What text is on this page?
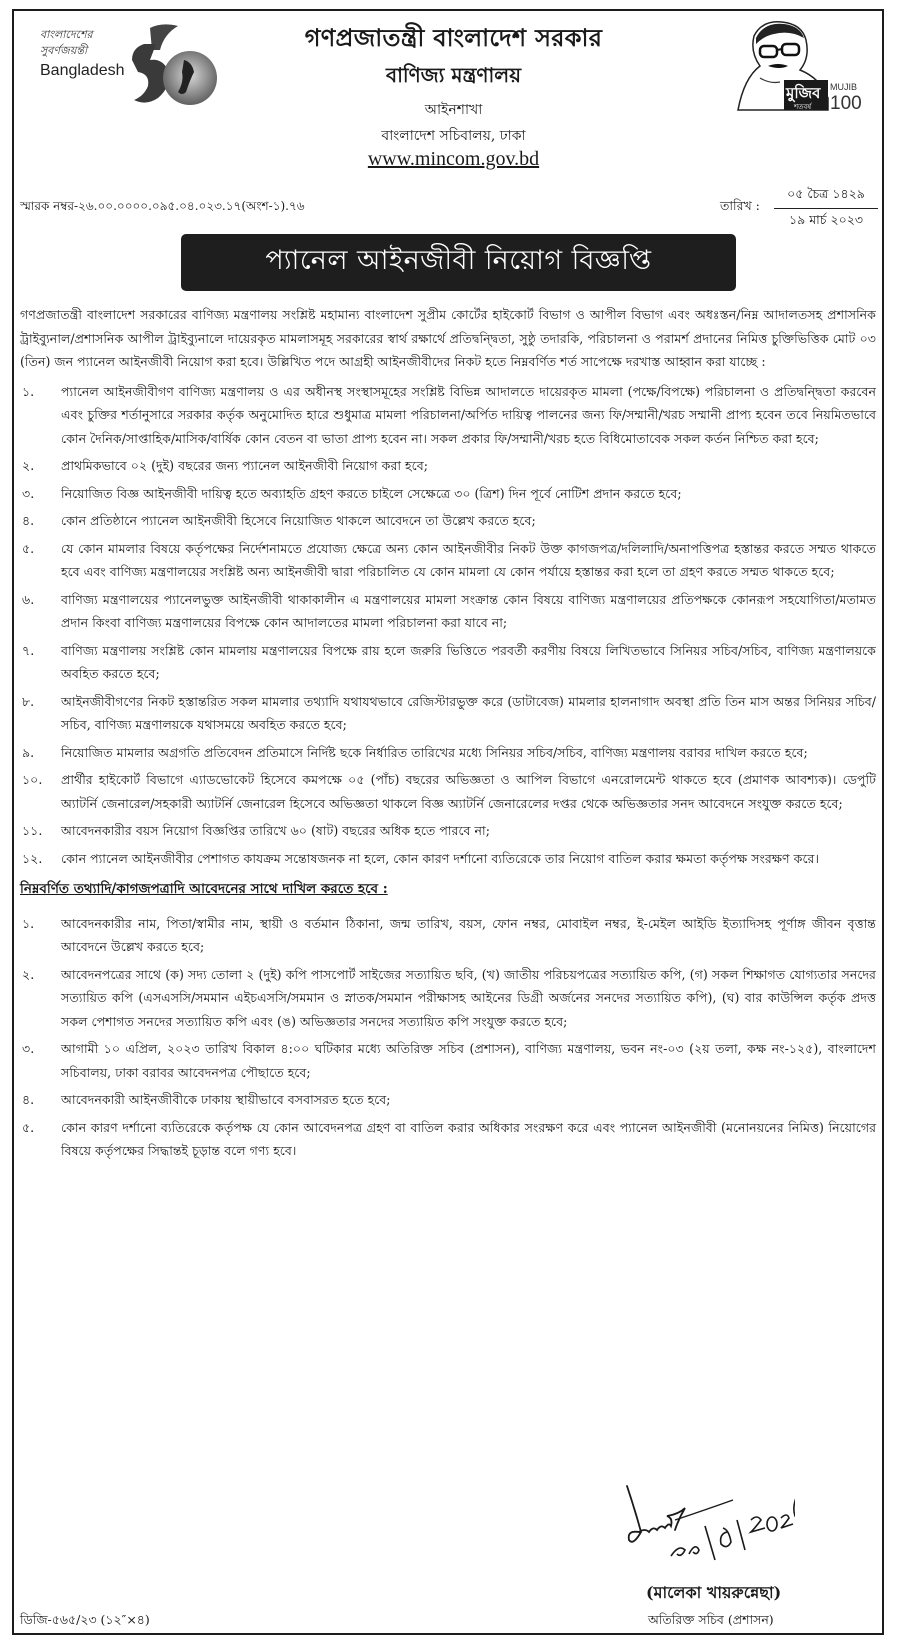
বাংলাদেশের
সুবর্ণজয়ন্তী
Bangladesh
মুজিব
শতবর্ষ
MUJIB
100
গণপ্রজাতন্ত্রী বাংলাদেশ সরকার
বাণিজ্য মন্ত্রণালয়
আইনশাখা
বাংলাদেশ সচিবালয়, ঢাকা
www.mincom.gov.bd
স্মারক নম্বর-২৬.০০.০০০০.০৯৫.০৪.০২৩.১৭(অংশ-১).৭৬	তারিখ :
০৫ চৈত্র ১৪২৯
১৯ মার্চ ২০২৩
প্যানেল আইনজীবী নিয়োগ বিজ্ঞপ্তি

গণপ্রজাতন্ত্রী বাংলাদেশ সরকারের বাণিজ্য মন্ত্রণালয় সংশ্লিষ্ট মহামান্য বাংলাদেশ সুপ্রীম কোর্টের হাইকোর্ট বিভাগ ও আপীল বিভাগ এবং অধঃস্তন/নিম্ন আদালতসহ প্রশাসনিক ট্রাইব্যুনাল/প্রশাসনিক আপীল ট্রাইব্যুনালে দায়েরকৃত মামলাসমূহ সরকারের স্বার্থ রক্ষার্থে প্রতিদ্বন্দ্বিতা, সুষ্ঠু তদারকি, পরিচালনা ও পরামর্শ প্রদানের নিমিত্ত চুক্তিভিত্তিক মোট ০৩ (তিন) জন প্যানেল আইনজীবী নিয়োগ করা হবে। উল্লিখিত পদে আগ্রহী আইনজীবীদের নিকট হতে নিম্নবর্ণিত শর্ত সাপেক্ষে দরখাস্ত আহ্বান করা যাচ্ছে :

১.	প্যানেল আইনজীবীগণ বাণিজ্য মন্ত্রণালয় ও এর অধীনস্থ সংস্থাসমূহের সংশ্লিষ্ট বিভিন্ন আদালতে দায়েরকৃত মামলা (পক্ষে/বিপক্ষে) পরিচালনা ও প্রতিদ্বন্দ্বিতা করবেন এবং চুক্তির শর্তানুসারে সরকার কর্তৃক অনুমোদিত হারে শুধুমাত্র মামলা পরিচালনা/অর্পিত দায়িত্ব পালনের জন্য ফি/সম্মানী/খরচ সম্মানী প্রাপ্য হবেন তবে নিয়মিতভাবে কোন দৈনিক/সাপ্তাহিক/মাসিক/বার্ষিক কোন বেতন বা ভাতা প্রাপ্য হবেন না। সকল প্রকার ফি/সম্মানী/খরচ হতে বিধিমোতাবেক সকল কর্তন নিশ্চিত করা হবে;
২.	প্রাথমিকভাবে ০২ (দুই) বছরের জন্য প্যানেল আইনজীবী নিয়োগ করা হবে;
৩.	নিয়োজিত বিজ্ঞ আইনজীবী দায়িত্ব হতে অব্যাহতি গ্রহণ করতে চাইলে সেক্ষেত্রে ৩০ (ত্রিশ) দিন পূর্বে নোটিশ প্রদান করতে হবে;
৪.	কোন প্রতিষ্ঠানে প্যানেল আইনজীবী হিসেবে নিয়োজিত থাকলে আবেদনে তা উল্লেখ করতে হবে;
৫.	যে কোন মামলার বিষয়ে কর্তৃপক্ষের নির্দেশনামতে প্রযোজ্য ক্ষেত্রে অন্য কোন আইনজীবীর নিকট উক্ত কাগজপত্র/দলিলাদি/অনাপত্তিপত্র হস্তান্তর করতে সম্মত থাকতে হবে এবং বাণিজ্য মন্ত্রণালয়ের সংশ্লিষ্ট অন্য আইনজীবী দ্বারা পরিচালিত যে কোন মামলা যে কোন পর্যায়ে হস্তান্তর করা হলে তা গ্রহণ করতে সম্মত থাকতে হবে;
৬.	বাণিজ্য মন্ত্রণালয়ের প্যানেলভুক্ত আইনজীবী থাকাকালীন এ মন্ত্রণালয়ের মামলা সংক্রান্ত কোন বিষয়ে বাণিজ্য মন্ত্রণালয়ের প্রতিপক্ষকে কোনরূপ সহযোগিতা/মতামত প্রদান কিংবা বাণিজ্য মন্ত্রণালয়ের বিপক্ষে কোন আদালতের মামলা পরিচালনা করা যাবে না;
৭.	বাণিজ্য মন্ত্রণালয় সংশ্লিষ্ট কোন মামলায় মন্ত্রণালয়ের বিপক্ষে রায় হলে জরুরি ভিত্তিতে পরবর্তী করণীয় বিষয়ে লিখিতভাবে সিনিয়র সচিব/সচিব, বাণিজ্য মন্ত্রণালয়কে অবহিত করতে হবে;
৮.	আইনজীবীগণের নিকট হস্তান্তরিত সকল মামলার তথ্যাদি যথাযথভাবে রেজিস্টারভুক্ত করে (ডাটাবেজ) মামলার হালনাগাদ অবস্থা প্রতি তিন মাস অন্তর সিনিয়র সচিব/সচিব, বাণিজ্য মন্ত্রণালয়কে যথাসময়ে অবহিত করতে হবে;
৯.	নিয়োজিত মামলার অগ্রগতি প্রতিবেদন প্রতিমাসে নির্দিষ্ট ছকে নির্ধারিত তারিখের মধ্যে সিনিয়র সচিব/সচিব, বাণিজ্য মন্ত্রণালয় বরাবর দাখিল করতে হবে;
১০.	প্রার্থীর হাইকোর্ট বিভাগে এ্যাডভোকেট হিসেবে কমপক্ষে ০৫ (পাঁচ) বছরের অভিজ্ঞতা ও আপিল বিভাগে এনরোলমেন্ট থাকতে হবে (প্রমাণক আবশ্যক)। ডেপুটি অ্যাটর্নি জেনারেল/সহকারী অ্যাটর্নি জেনারেল হিসেবে অভিজ্ঞতা থাকলে বিজ্ঞ অ্যাটর্নি জেনারেলের দপ্তর থেকে অভিজ্ঞতার সনদ আবেদনে সংযুক্ত করতে হবে;
১১.	আবেদনকারীর বয়স নিয়োগ বিজ্ঞপ্তির তারিখে ৬০ (ষাট) বছরের অধিক হতে পারবে না;
১২.	কোন প্যানেল আইনজীবীর পেশাগত কাযক্রম সন্তোষজনক না হলে, কোন কারণ দর্শানো ব্যতিরেকে তার নিয়োগ বাতিল করার ক্ষমতা কর্তৃপক্ষ সংরক্ষণ করে।
নিম্নবর্ণিত তথ্যাদি/কাগজপত্রাদি আবেদনের সাথে দাখিল করতে হবে :
১.	আবেদনকারীর নাম, পিতা/স্বামীর নাম, স্থায়ী ও বর্তমান ঠিকানা, জন্ম তারিখ, বয়স, ফোন নম্বর, মোবাইল নম্বর, ই-মেইল আইডি ইত্যাদিসহ পূর্ণাঙ্গ জীবন বৃত্তান্ত আবেদনে উল্লেখ করতে হবে;
২.	আবেদনপত্রের সাথে (ক) সদ্য তোলা ২ (দুই) কপি পাসপোর্ট সাইজের সত্যায়িত ছবি, (খ) জাতীয় পরিচয়পত্রের সত্যায়িত কপি, (গ) সকল শিক্ষাগত যোগ্যতার সনদের সত্যায়িত কপি (এসএসসি/সমমান এইচএসসি/সমমান ও স্নাতক/সমমান পরীক্ষাসহ আইনের ডিগ্রী অর্জনের সনদের সত্যায়িত কপি), (ঘ) বার কাউন্সিল কর্তৃক প্রদত্ত সকল পেশাগত সনদের সত্যায়িত কপি এবং (ঙ) অভিজ্ঞতার সনদের সত্যায়িত কপি সংযুক্ত করতে হবে;
৩.	আগামী ১০ এপ্রিল, ২০২৩ তারিখ বিকাল ৪:০০ ঘটিকার মধ্যে অতিরিক্ত সচিব (প্রশাসন), বাণিজ্য মন্ত্রণালয়, ভবন নং-০৩ (২য় তলা, কক্ষ নং-১২৫), বাংলাদেশ সচিবালয়, ঢাকা বরাবর আবেদনপত্র পৌছাতে হবে;
৪.	আবেদনকারী আইনজীবীকে ঢাকায় স্থায়ীভাবে বসবাসরত হতে হবে;
৫.	কোন কারণ দর্শানো ব্যতিরেকে কর্তৃপক্ষ যে কোন আবেদনপত্র গ্রহণ বা বাতিল করার অধিকার সংরক্ষণ করে এবং প্যানেল আইনজীবী (মনোনয়নের নিমিত্ত) নিয়োগের বিষয়ে কর্তৃপক্ষের সিদ্ধান্তই চূড়ান্ত বলে গণ্য হবে।
(মালেকা খায়রুন্নেছা)
অতিরিক্ত সচিব (প্রশাসন)
ডিজি-৫৬৫/২৩ (১২″×৪)
